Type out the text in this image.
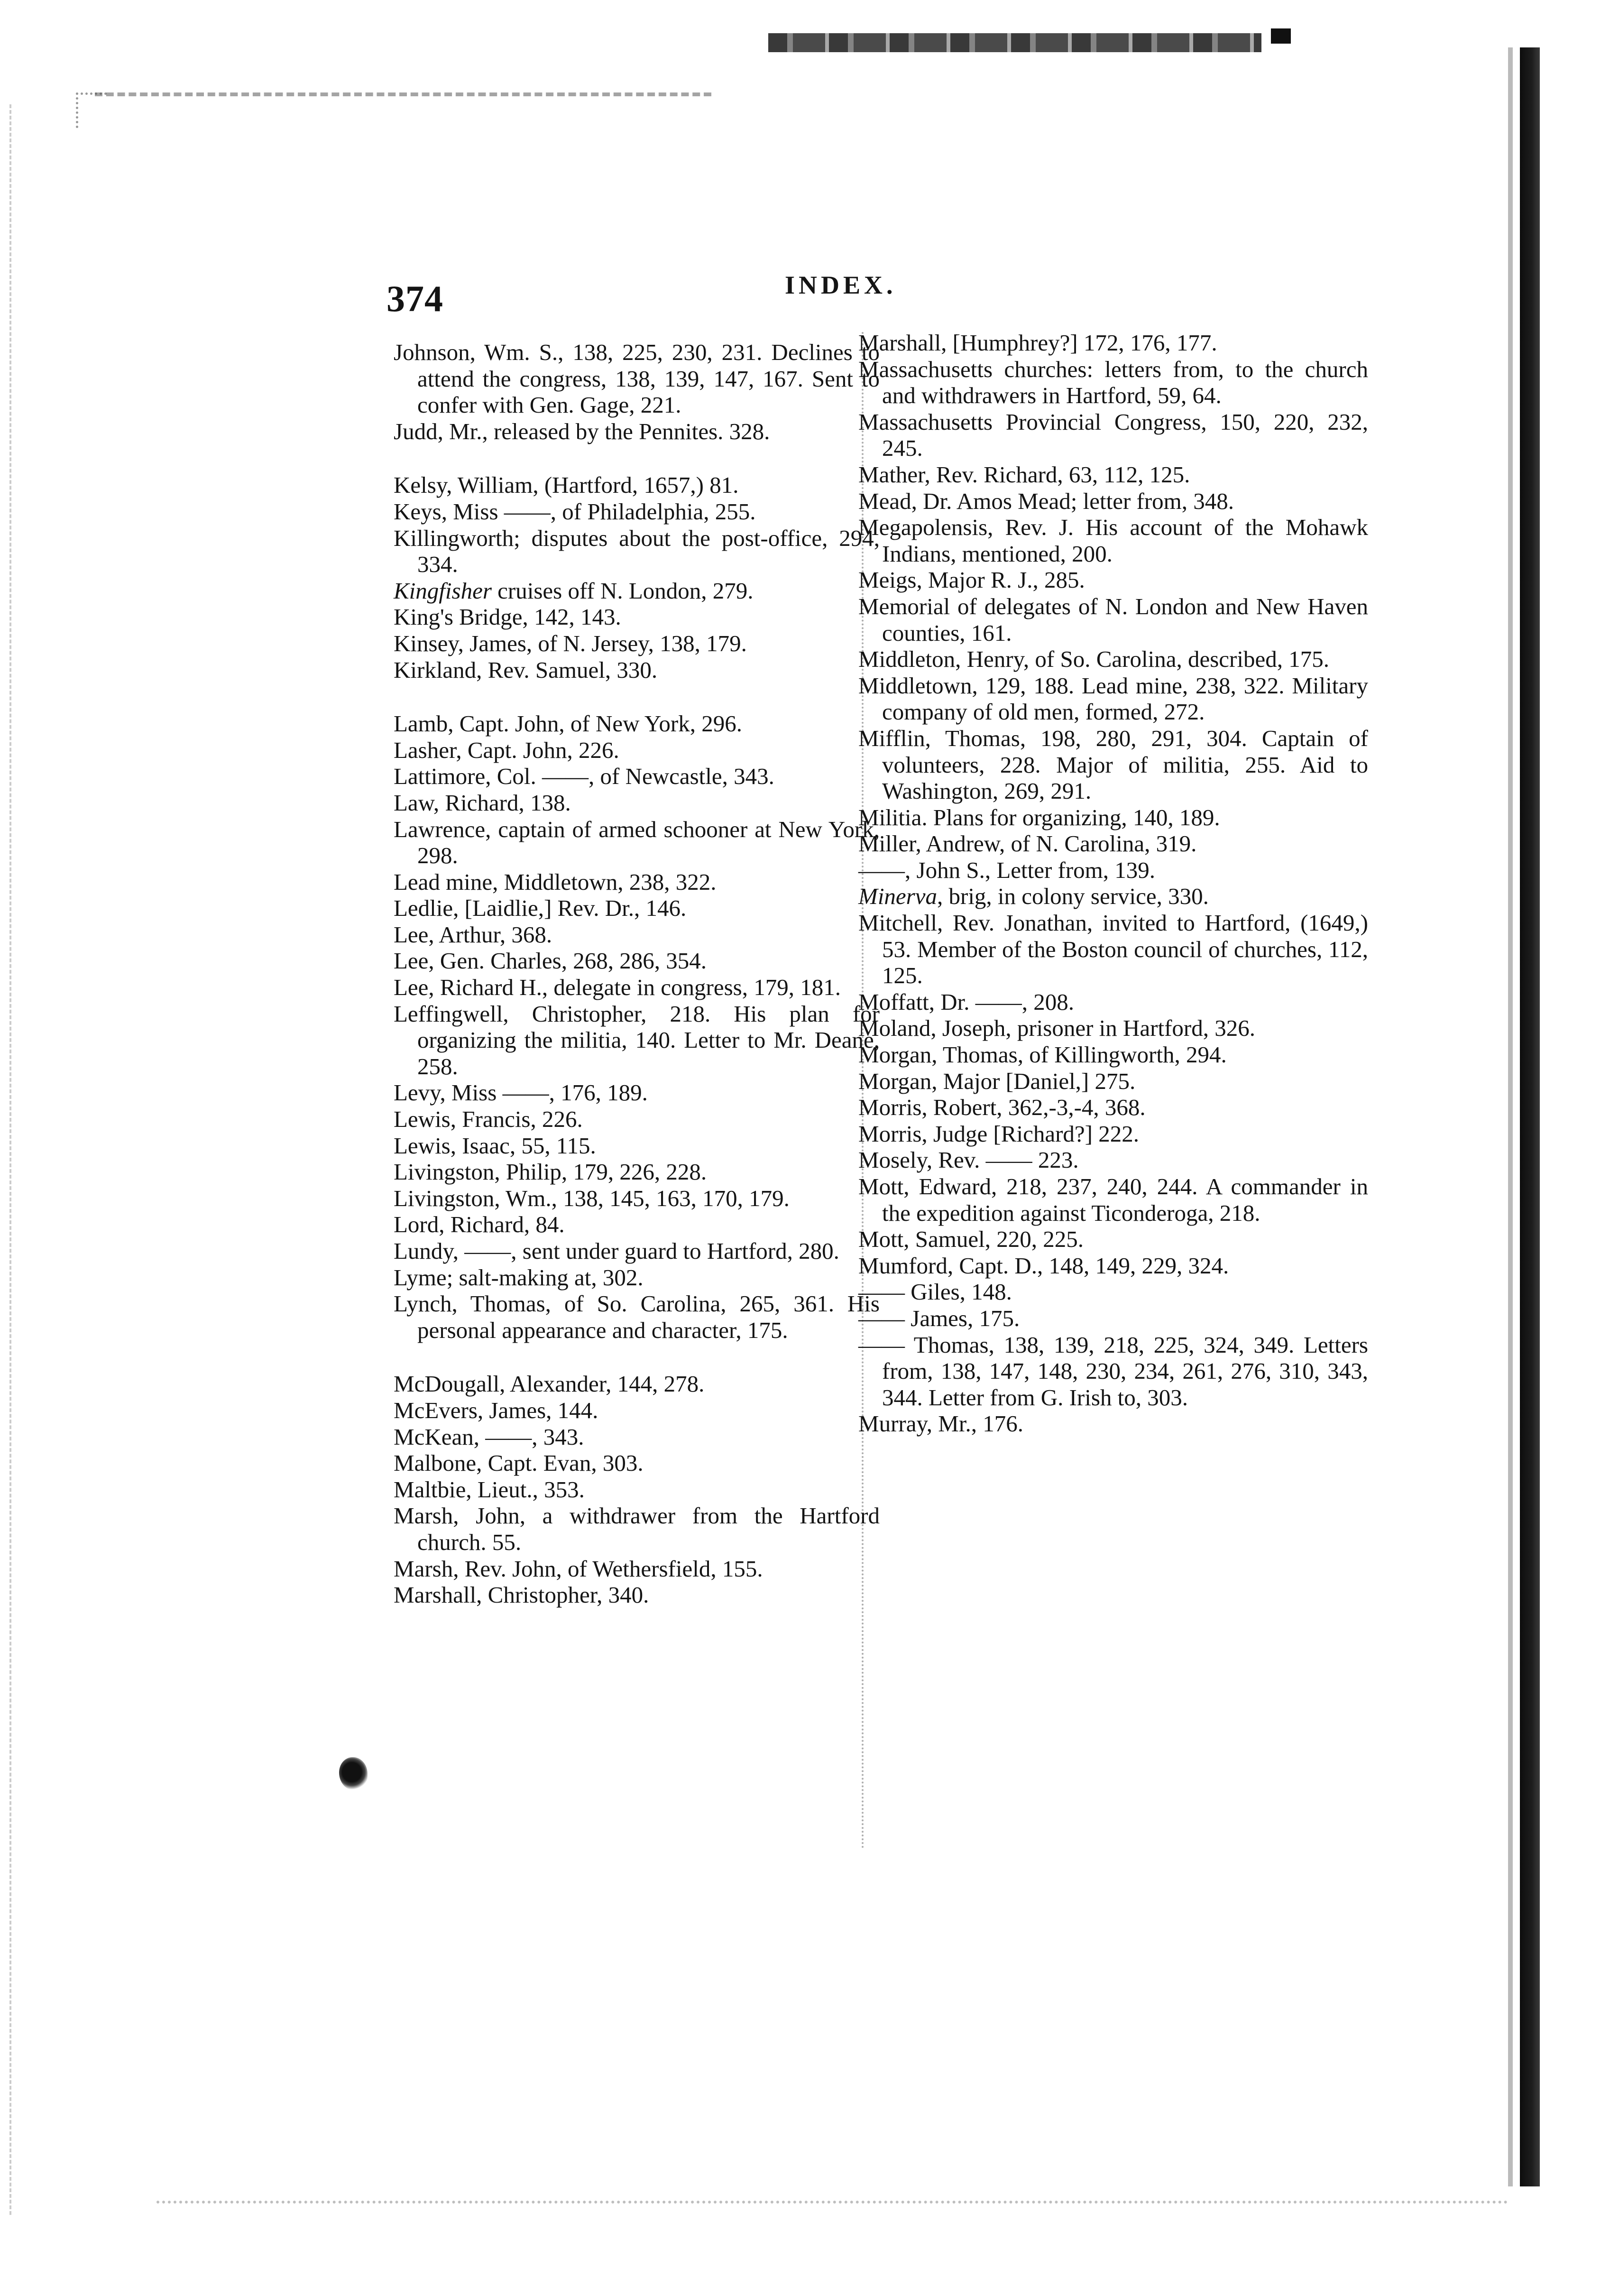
374	INDEX.
Johnson, Wm. S., 138, 225, 230, 231. Declines to attend the congress, 138, 139, 147, 167. Sent to confer with Gen. Gage, 221.
Judd, Mr., released by the Pennites. 328.
Kelsy, William, (Hartford, 1657,) 81.
Keys, Miss ——, of Philadelphia, 255.
Killingworth; disputes about the post-office, 294, 334.
Kingfisher cruises off N. London, 279.
King's Bridge, 142, 143.
Kinsey, James, of N. Jersey, 138, 179.
Kirkland, Rev. Samuel, 330.
Lamb, Capt. John, of New York, 296.
Lasher, Capt. John, 226.
Lattimore, Col. ——, of Newcastle, 343.
Law, Richard, 138.
Lawrence, captain of armed schooner at New York, 298.
Lead mine, Middletown, 238, 322.
Ledlie, [Laidlie,] Rev. Dr., 146.
Lee, Arthur, 368.
Lee, Gen. Charles, 268, 286, 354.
Lee, Richard H., delegate in congress, 179, 181.
Leffingwell, Christopher, 218. His plan for organizing the militia, 140. Letter to Mr. Deane, 258.
Levy, Miss ——, 176, 189.
Lewis, Francis, 226.
Lewis, Isaac, 55, 115.
Livingston, Philip, 179, 226, 228.
Livingston, Wm., 138, 145, 163, 170, 179.
Lord, Richard, 84.
Lundy, ——, sent under guard to Hartford, 280.
Lyme; salt-making at, 302.
Lynch, Thomas, of So. Carolina, 265, 361. His personal appearance and character, 175.
McDougall, Alexander, 144, 278.
McEvers, James, 144.
McKean, ——, 343.
Malbone, Capt. Evan, 303.
Maltbie, Lieut., 353.
Marsh, John, a withdrawer from the Hartford church. 55.
Marsh, Rev. John, of Wethersfield, 155.
Marshall, Christopher, 340.
Marshall, [Humphrey?] 172, 176, 177.
Massachusetts churches: letters from, to the church and withdrawers in Hartford, 59, 64.
Massachusetts Provincial Congress, 150, 220, 232, 245.
Mather, Rev. Richard, 63, 112, 125.
Mead, Dr. Amos Mead; letter from, 348.
Megapolensis, Rev. J. His account of the Mohawk Indians, mentioned, 200.
Meigs, Major R. J., 285.
Memorial of delegates of N. London and New Haven counties, 161.
Middleton, Henry, of So. Carolina, described, 175.
Middletown, 129, 188. Lead mine, 238, 322. Military company of old men, formed, 272.
Mifflin, Thomas, 198, 280, 291, 304. Captain of volunteers, 228. Major of militia, 255. Aid to Washington, 269, 291.
Militia. Plans for organizing, 140, 189.
Miller, Andrew, of N. Carolina, 319.
——, John S., Letter from, 139.
Minerva, brig, in colony service, 330.
Mitchell, Rev. Jonathan, invited to Hartford, (1649,) 53. Member of the Boston council of churches, 112, 125.
Moffatt, Dr. ——, 208.
Moland, Joseph, prisoner in Hartford, 326.
Morgan, Thomas, of Killingworth, 294.
Morgan, Major [Daniel,] 275.
Morris, Robert, 362,-3,-4, 368.
Morris, Judge [Richard?] 222.
Mosely, Rev. —— 223.
Mott, Edward, 218, 237, 240, 244. A commander in the expedition against Ticonderoga, 218.
Mott, Samuel, 220, 225.
Mumford, Capt. D., 148, 149, 229, 324.
—— Giles, 148.
—— James, 175.
—— Thomas, 138, 139, 218, 225, 324, 349. Letters from, 138, 147, 148, 230, 234, 261, 276, 310, 343, 344. Letter from G. Irish to, 303.
Murray, Mr., 176.
